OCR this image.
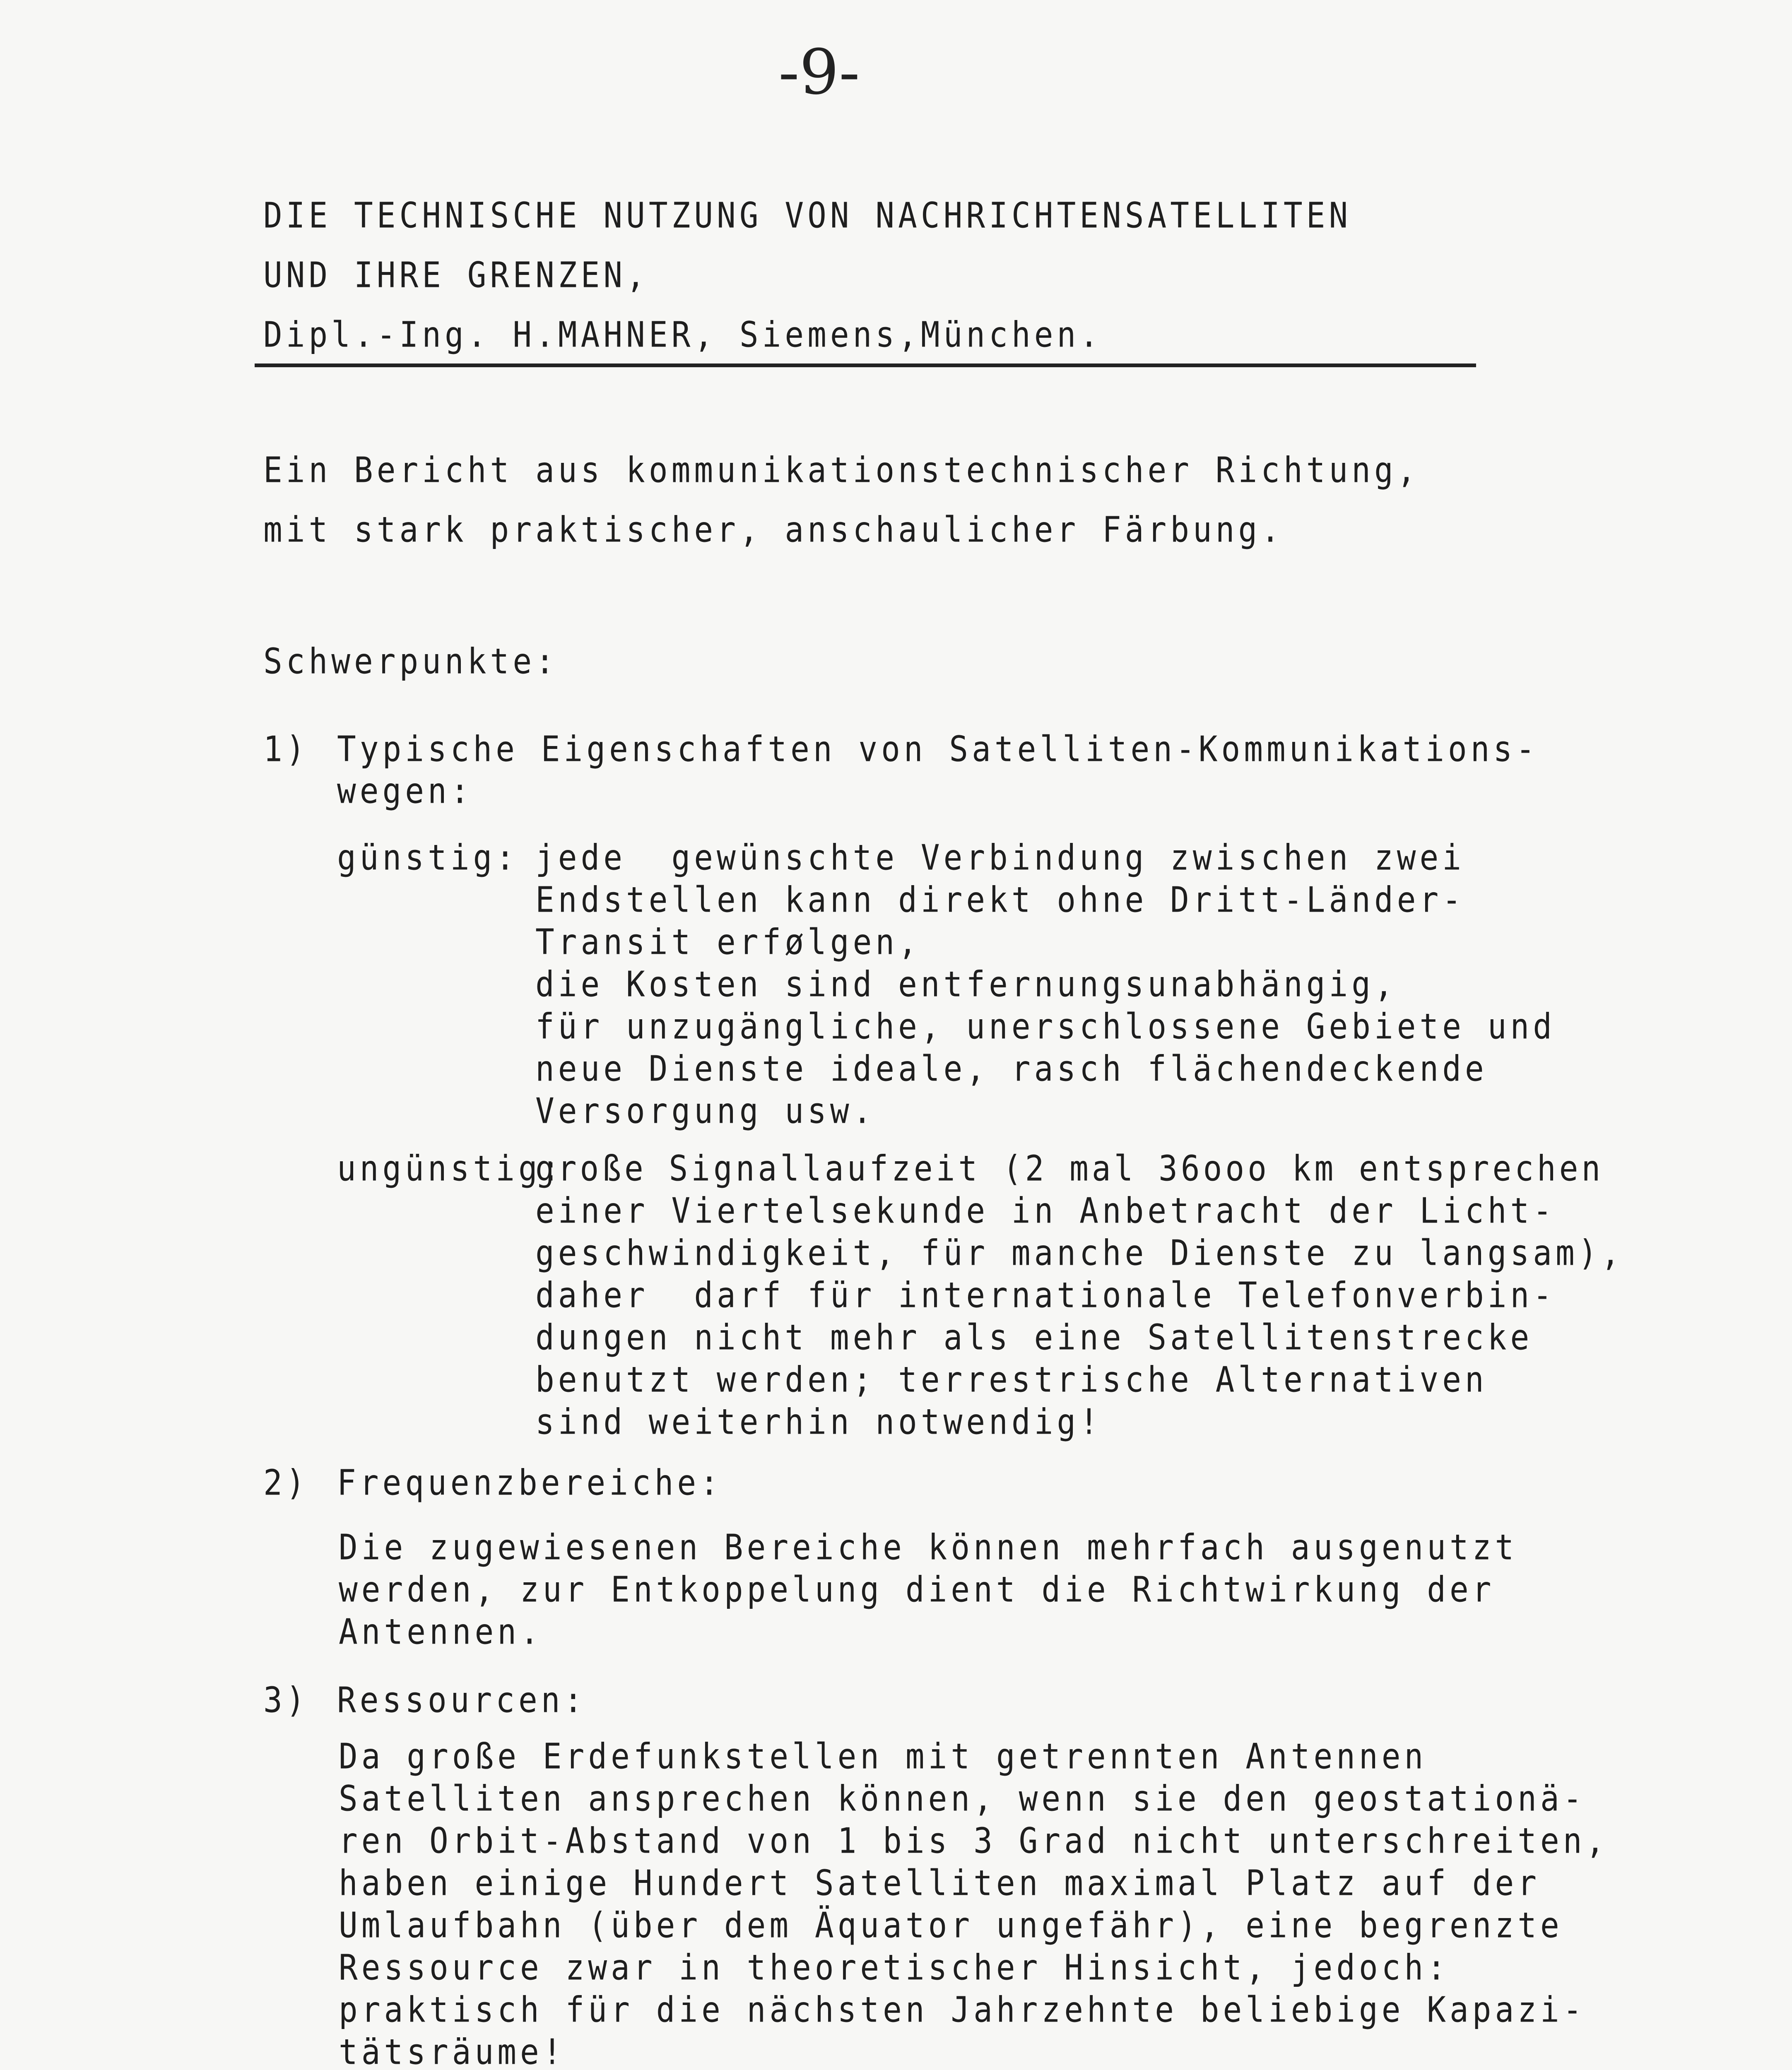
-9-
DIE TECHNISCHE NUTZUNG VON NACHRICHTENSATELLITEN
UND IHRE GRENZEN,
Dipl.-Ing. H.MAHNER, Siemens,München.
Ein Bericht aus kommunikationstechnischer Richtung,
mit stark praktischer, anschaulicher Färbung.
Schwerpunkte:
1) Typische Eigenschaften von Satelliten-Kommunikations-
wegen:
günstig: jede  gewünschte Verbindung zwischen zwei
Endstellen kann direkt ohne Dritt-Länder-
Transit erfølgen,
die Kosten sind entfernungsunabhängig,
für unzugängliche, unerschlossene Gebiete und
neue Dienste ideale, rasch flächendeckende
Versorgung usw.
ungünstig:
große Signallaufzeit (2 mal 36ooo km entsprechen
einer Viertelsekunde in Anbetracht der Licht-
geschwindigkeit, für manche Dienste zu langsam),
daher  darf für internationale Telefonverbin-
dungen nicht mehr als eine Satellitenstrecke
benutzt werden; terrestrische Alternativen
sind weiterhin notwendig!
2) Frequenzbereiche:
Die zugewiesenen Bereiche können mehrfach ausgenutzt
werden, zur Entkoppelung dient die Richtwirkung der
Antennen.
3) Ressourcen:
Da große Erdefunkstellen mit getrennten Antennen
Satelliten ansprechen können, wenn sie den geostationä-
ren Orbit-Abstand von 1 bis 3 Grad nicht unterschreiten,
haben einige Hundert Satelliten maximal Platz auf der
Umlaufbahn (über dem Äquator ungefähr), eine begrenzte
Ressource zwar in theoretischer Hinsicht, jedoch:
praktisch für die nächsten Jahrzehnte beliebige Kapazi-
tätsräume!
